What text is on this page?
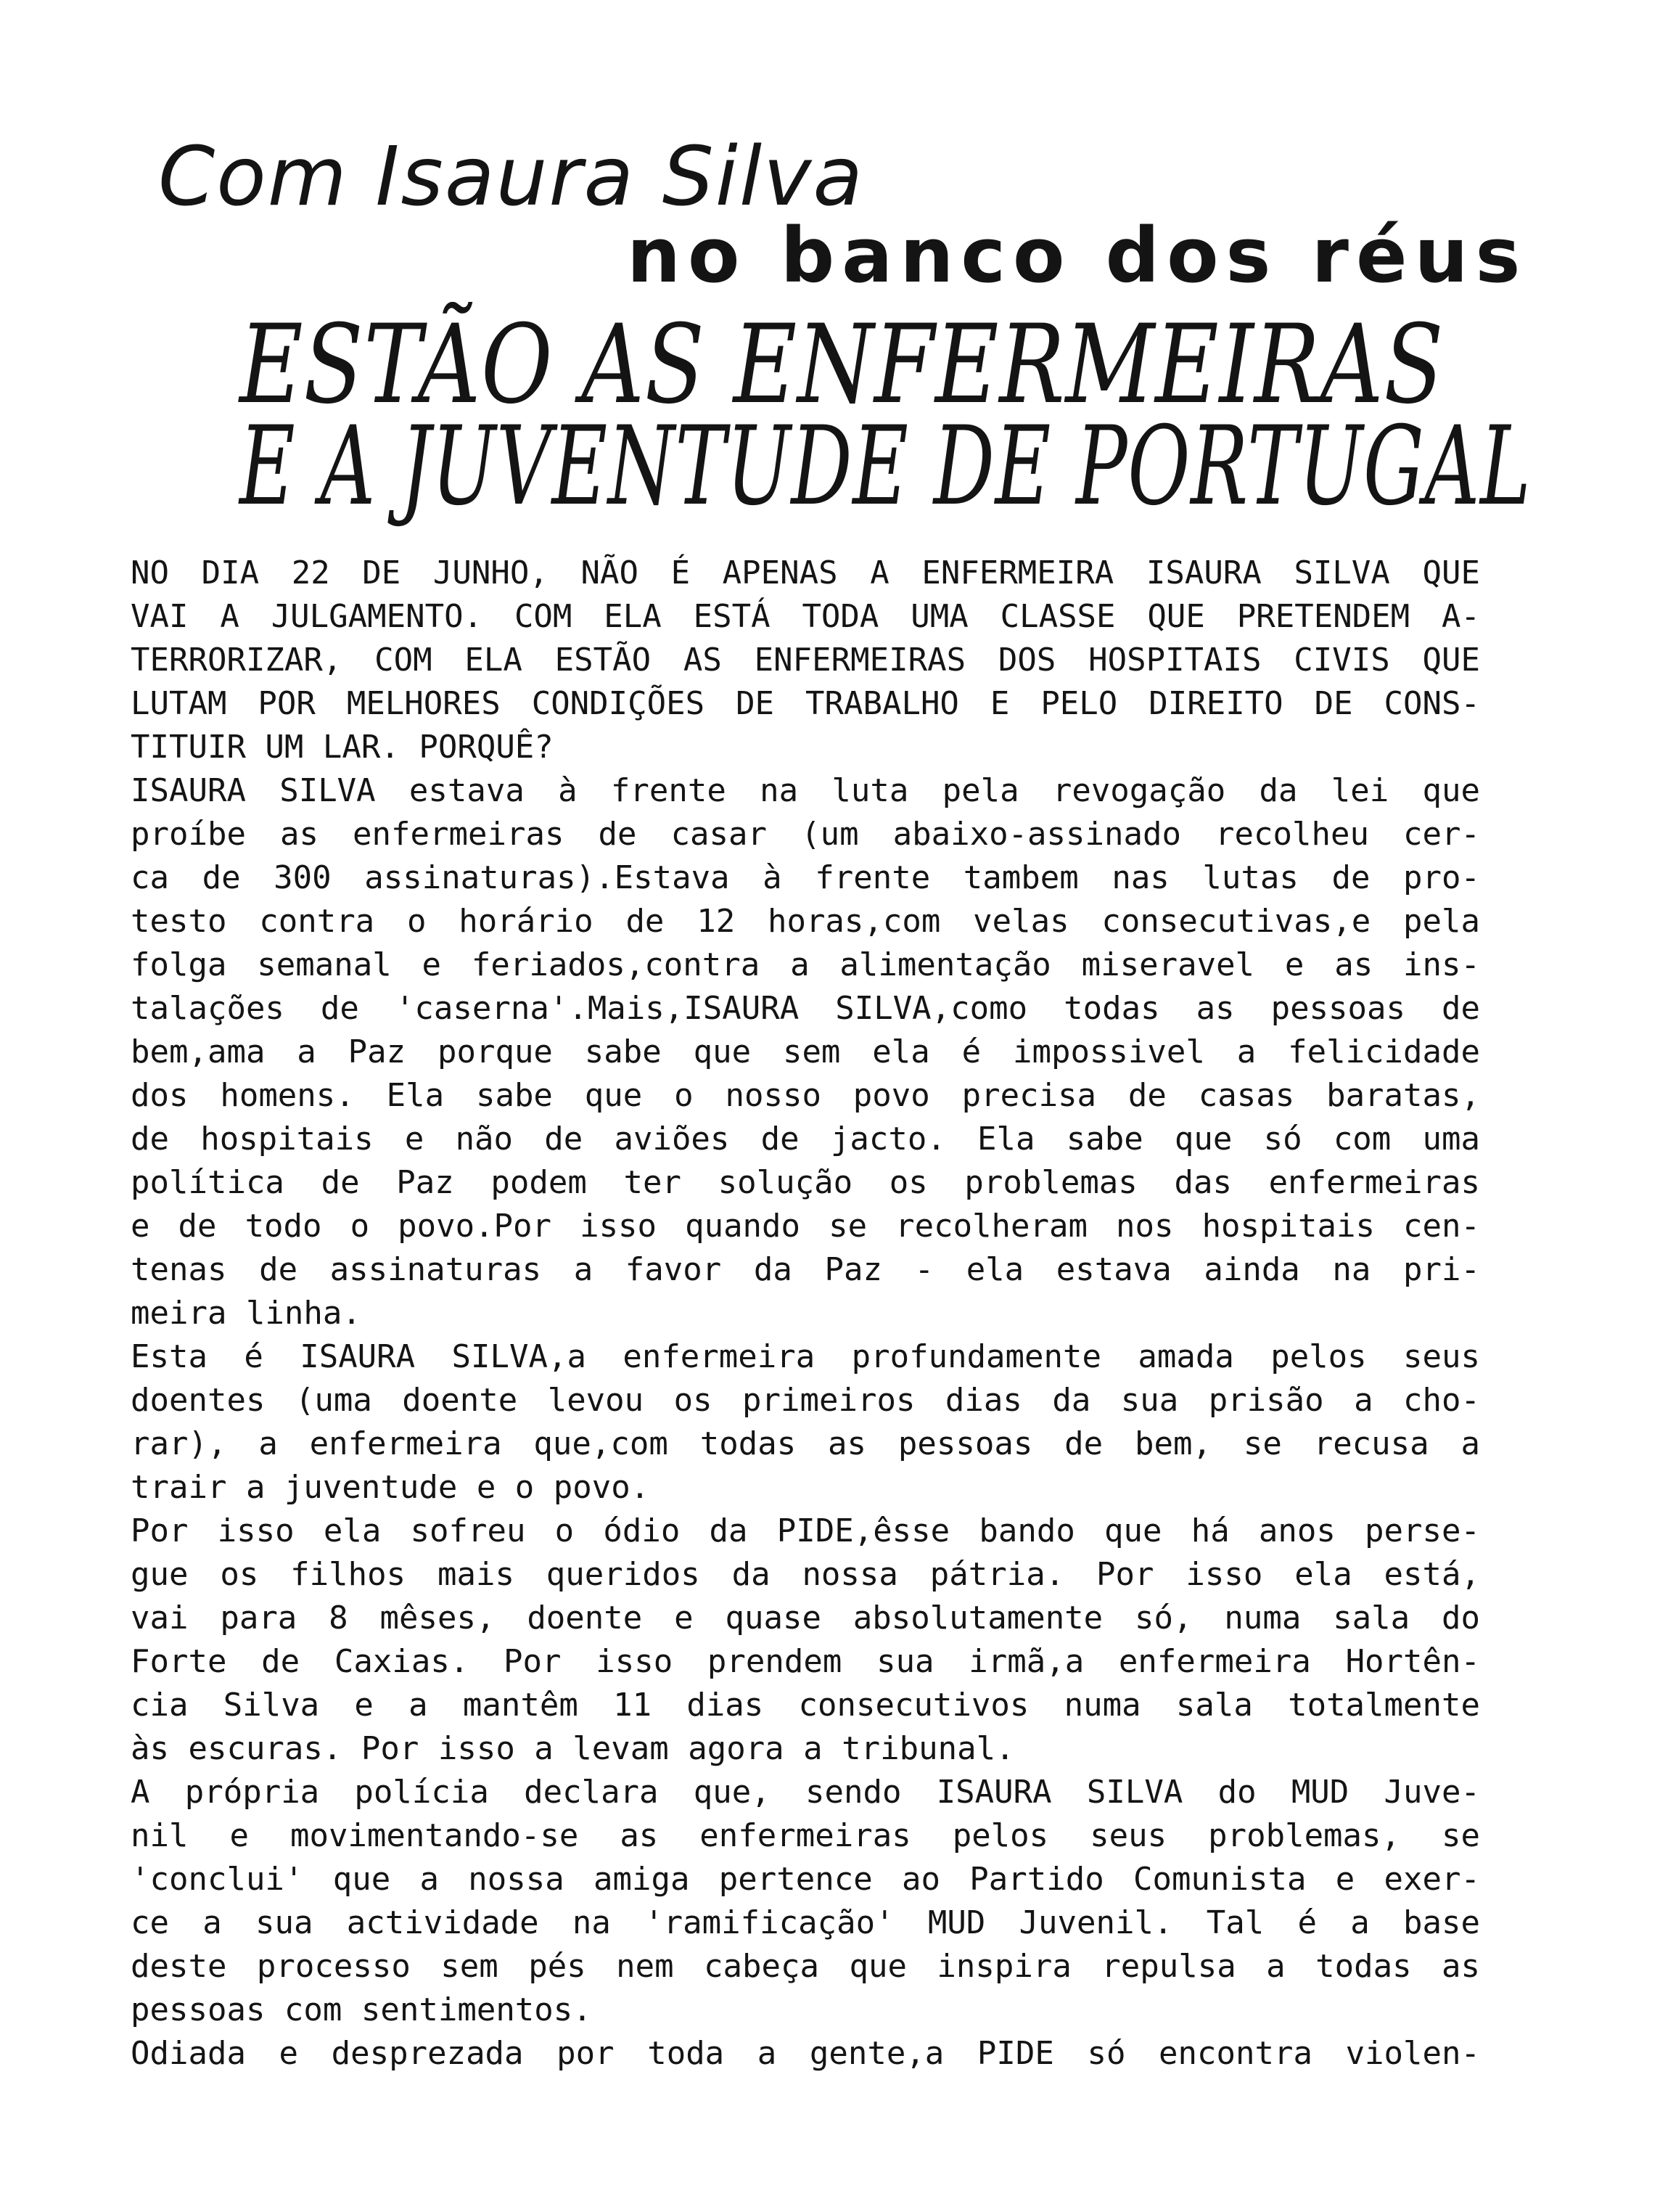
Com Isaura Silva
no banco dos réus
ESTÃO AS ENFERMEIRAS
E A JUVENTUDE DE PORTUGAL
NO DIA 22 DE JUNHO, NÃO É APENAS A ENFERMEIRA ISAURA SILVA QUE
VAI A JULGAMENTO. COM ELA ESTÁ TODA UMA CLASSE QUE PRETENDEM A-
TERRORIZAR, COM ELA ESTÃO AS ENFERMEIRAS DOS HOSPITAIS CIVIS QUE
LUTAM POR MELHORES CONDIÇÕES DE TRABALHO E PELO DIREITO DE CONS-
TITUIR UM LAR. PORQUÊ?
ISAURA SILVA estava à frente na luta pela revogação da lei que
proíbe as enfermeiras de casar (um abaixo-assinado recolheu cer-
ca de 300 assinaturas).Estava à frente tambem nas lutas de pro-
testo contra o horário de 12 horas,com velas consecutivas,e pela
folga semanal e feriados,contra a alimentação miseravel e as ins-
talações de 'caserna'.Mais,ISAURA SILVA,como todas as pessoas de
bem,ama a Paz porque sabe que sem ela é impossivel a felicidade
dos homens. Ela sabe que o nosso povo precisa de casas baratas,
de hospitais e não de aviões de jacto. Ela sabe que só com uma
política de Paz podem ter solução os problemas das enfermeiras
e de todo o povo.Por isso quando se recolheram nos hospitais cen-
tenas de assinaturas a favor da Paz - ela estava ainda na pri-
meira linha.
Esta é ISAURA SILVA,a enfermeira profundamente amada pelos seus
doentes (uma doente levou os primeiros dias da sua prisão a cho-
rar), a enfermeira que,com todas as pessoas de bem, se recusa a
trair a juventude e o povo.
Por isso ela sofreu o ódio da PIDE,êsse bando que há anos perse-
gue os filhos mais queridos da nossa pátria. Por isso ela está,
vai para 8 mêses, doente e quase absolutamente só, numa sala do
Forte de Caxias. Por isso prendem sua irmã,a enfermeira Hortên-
cia Silva e a mantêm 11 dias consecutivos numa sala totalmente
às escuras. Por isso a levam agora a tribunal.
A própria polícia declara que, sendo ISAURA SILVA do MUD Juve-
nil e movimentando-se as enfermeiras pelos seus problemas, se
'conclui' que a nossa amiga pertence ao Partido Comunista e exer-
ce a sua actividade na 'ramificação' MUD Juvenil. Tal é a base
deste processo sem pés nem cabeça que inspira repulsa a todas as
pessoas com sentimentos.
Odiada e desprezada por toda a gente,a PIDE só encontra violen-
